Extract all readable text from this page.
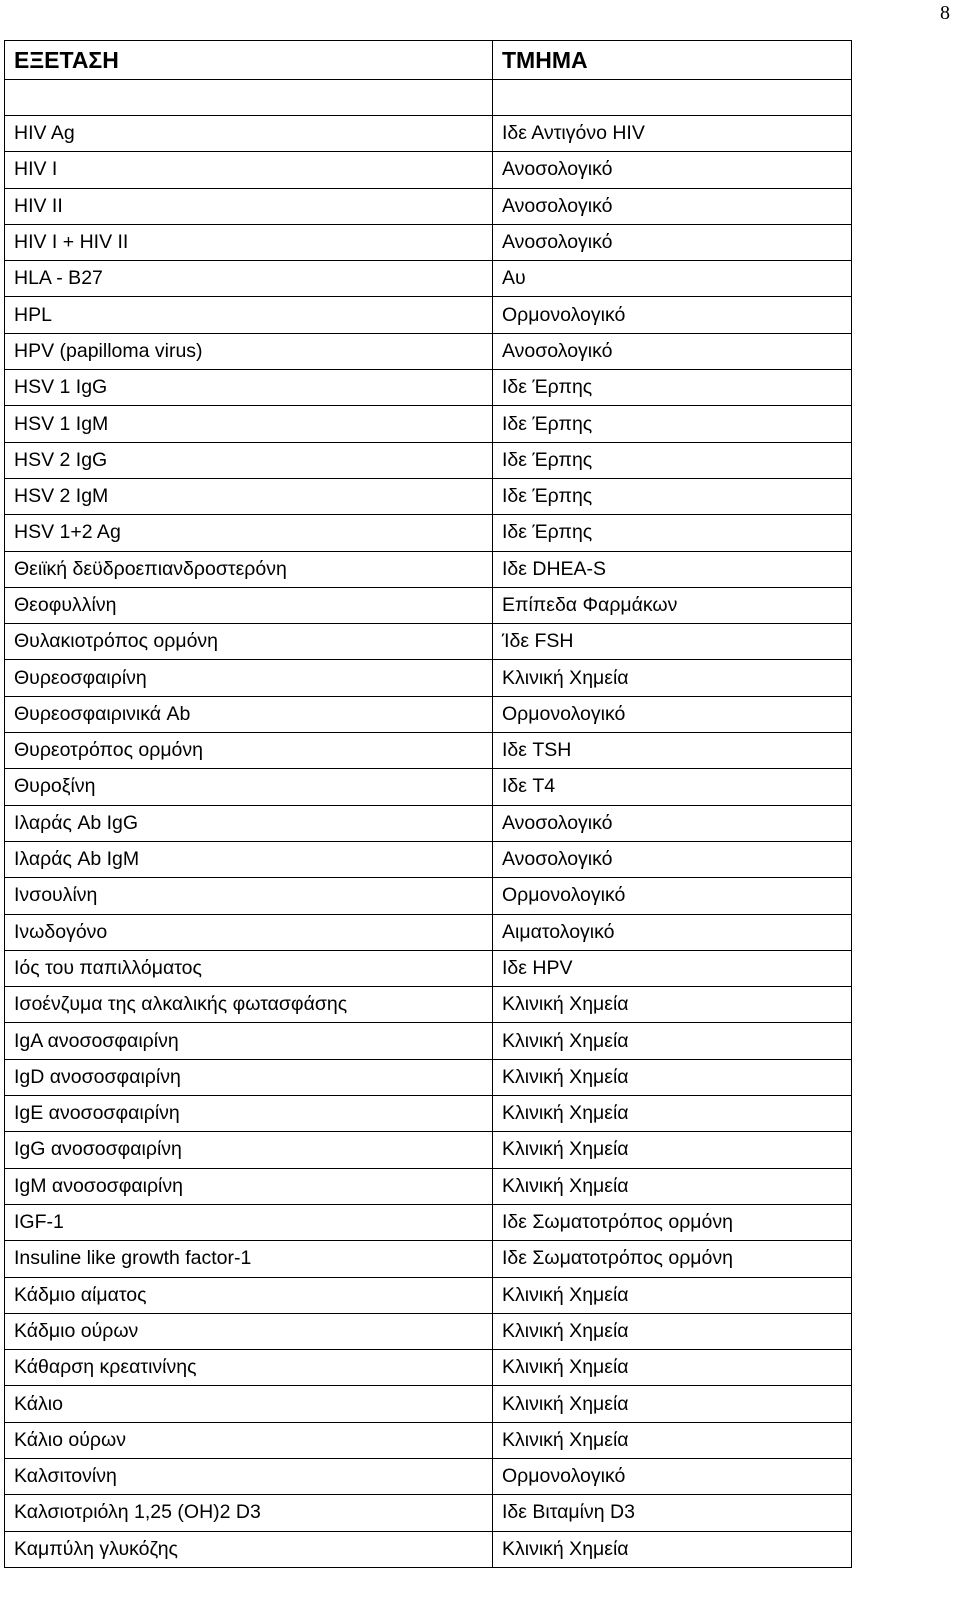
8
ΕΞΕΤΑΣΗ	ΤΜΗΜΑ

HIV Ag	Ιδε Αντιγόνο HIV
HIV I	Ανοσολογικό
HIV II	Ανοσολογικό
HIV I + HIV II	Ανοσολογικό
HLA - B27	Αυ
HPL	Ορμονολογικό
HPV (papilloma virus)	Ανοσολογικό
HSV 1 IgG	Ιδε Έρπης
HSV 1 IgM	Ιδε Έρπης
HSV 2 IgG	Ιδε Έρπης
HSV 2 IgM	Ιδε Έρπης
HSV 1+2 Ag	Ιδε Έρπης
Θειϊκή δεϋδροεπιανδροστερόνη	Ιδε DHEA-S
Θεοφυλλίνη	Επίπεδα Φαρμάκων
Θυλακιοτρόπος ορμόνη	Ίδε FSH
Θυρεοσφαιρίνη	Κλινική Χημεία
Θυρεοσφαιρινικά Ab	Ορμονολογικό
Θυρεοτρόπος ορμόνη	Ιδε TSH
Θυροξίνη	Ιδε T4
Ιλαράς Ab IgG	Ανοσολογικό
Ιλαράς Ab IgM	Ανοσολογικό
Ινσουλίνη	Ορμονολογικό
Ινωδογόνο	Αιματολογικό
Ιός του παπιλλόματος	Ιδε HPV
Ισοένζυμα της αλκαλικής φωτασφάσης	Κλινική Χημεία
IgA ανοσοσφαιρίνη	Κλινική Χημεία
IgD ανοσοσφαιρίνη	Κλινική Χημεία
IgE ανοσοσφαιρίνη	Κλινική Χημεία
IgG ανοσοσφαιρίνη	Κλινική Χημεία
IgM ανοσοσφαιρίνη	Κλινική Χημεία
IGF-1	Ιδε Σωματοτρόπος ορμόνη
Insuline like growth factor-1	Ιδε Σωματοτρόπος ορμόνη
Κάδμιο αίματος	Κλινική Χημεία
Κάδμιο ούρων	Κλινική Χημεία
Κάθαρση κρεατινίνης	Κλινική Χημεία
Κάλιο	Κλινική Χημεία
Κάλιο ούρων	Κλινική Χημεία
Καλσιτονίνη	Ορμονολογικό
Καλσιοτριόλη 1,25 (OH)2 D3	Ιδε Βιταμίνη D3
Καμπύλη γλυκόζης	Κλινική Χημεία
